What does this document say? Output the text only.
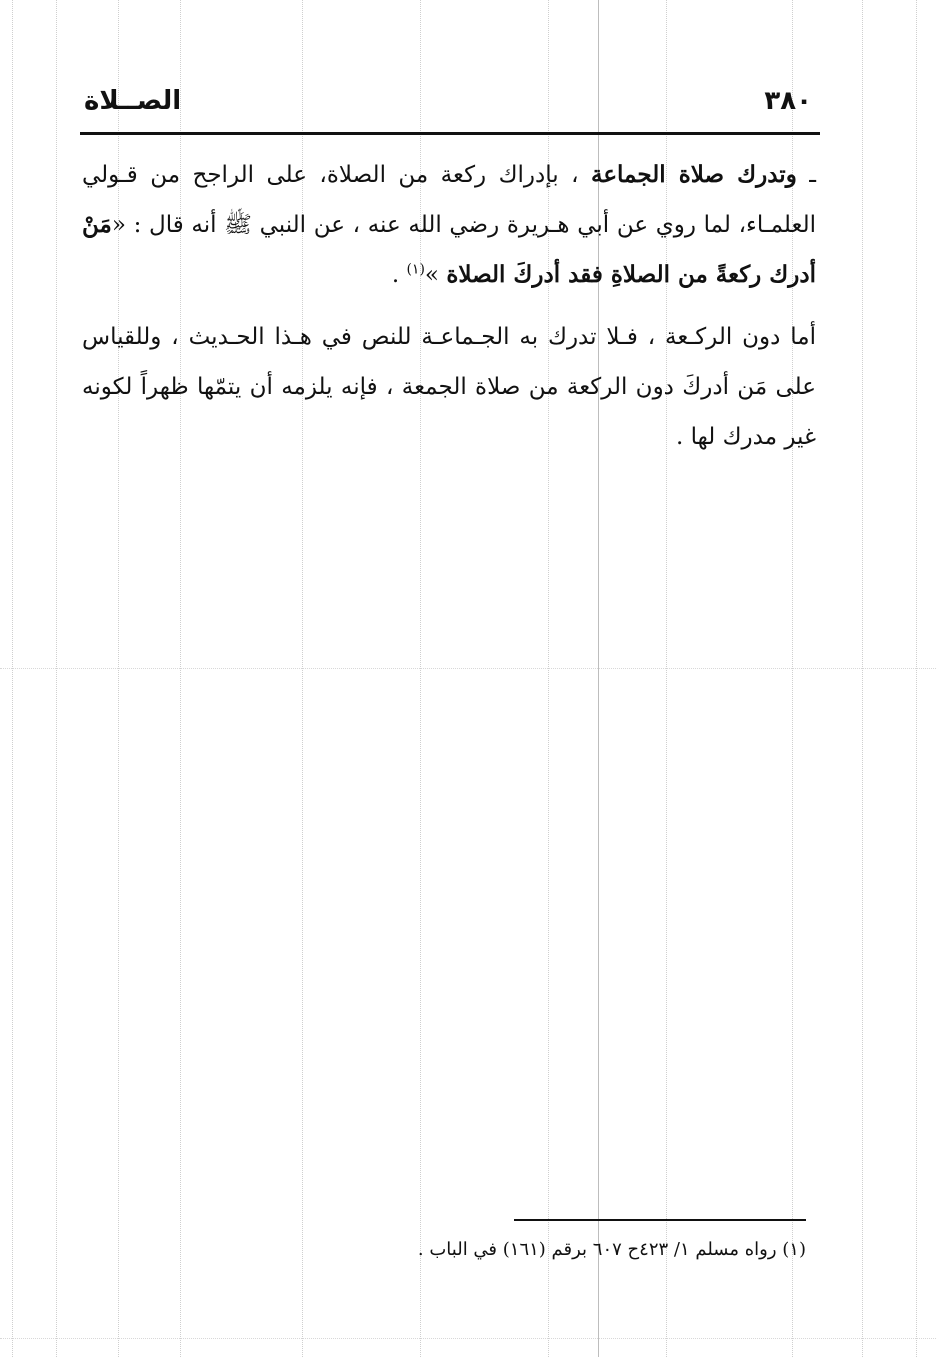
الصــلاة	٣٨٠

ـ وتدرك صلاة الجماعة ، بإدراك ركعة من الصلاة، على الراجح من قـولي العلمـاء، لما روي عن أبي هـريرة رضي الله عنه ، عن النبي ﷺ أنه قال : «مَنْ أدرك ركعةً من الصلاةِ فقد أدركَ الصلاة »$^{(١)}$ .

أما دون الركـعة ، فـلا تدرك به الجـماعـة للنص في هـذا الحـديث ، وللقياس على مَن أدركَ دون الركعة من صلاة الجمعة ، فإنه يلزمه أن يتمّها ظهراً لكونه غير مدرك لها .

(١) رواه مسلم ١/ ٤٢٣ح ٦٠٧ برقم (١٦١) في الباب .
